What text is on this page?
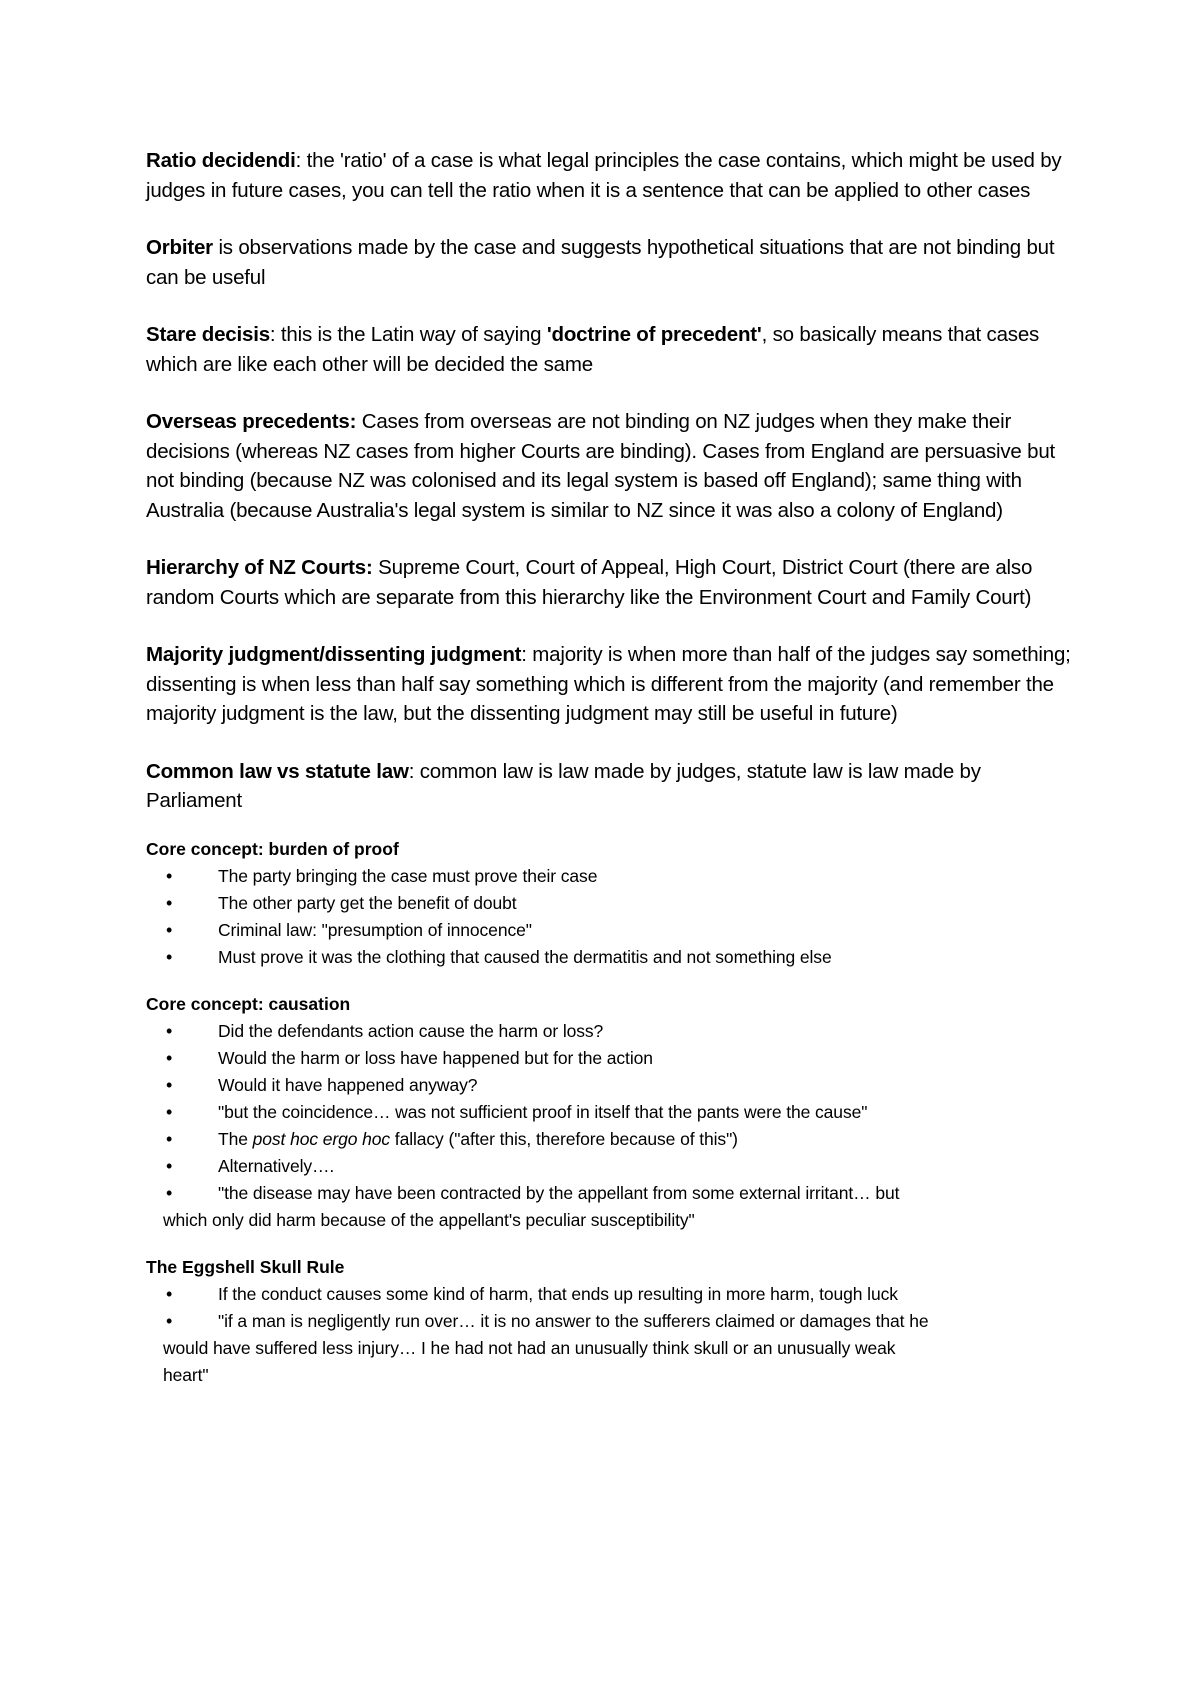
Ratio decidendi: the 'ratio' of a case is what legal principles the case contains, which might be used by judges in future cases, you can tell the ratio when it is a sentence that can be applied to other cases

Orbiter is observations made by the case and suggests hypothetical situations that are not binding but can be useful

Stare decisis: this is the Latin way of saying 'doctrine of precedent', so basically means that cases which are like each other will be decided the same

Overseas precedents: Cases from overseas are not binding on NZ judges when they make their decisions (whereas NZ cases from higher Courts are binding). Cases from England are persuasive but not binding (because NZ was colonised and its legal system is based off England); same thing with Australia (because Australia's legal system is similar to NZ since it was also a colony of England)

Hierarchy of NZ Courts: Supreme Court, Court of Appeal, High Court, District Court (there are also random Courts which are separate from this hierarchy like the Environment Court and Family Court)

Majority judgment/dissenting judgment: majority is when more than half of the judges say something; dissenting is when less than half say something which is different from the majority (and remember the majority judgment is the law, but the dissenting judgment may still be useful in future)

Common law vs statute law: common law is law made by judges, statute law is law made by Parliament

Core concept: burden of proof

•	The party bringing the case must prove their case
•	The other party get the benefit of doubt
•	Criminal law: "presumption of innocence"
•	Must prove it was the clothing that caused the dermatitis and not something else

Core concept: causation

•	Did the defendants action cause the harm or loss?
•	Would the harm or loss have happened but for the action
•	Would it have happened anyway?
•	"but the coincidence… was not sufficient proof in itself that the pants were the cause"
•	The post hoc ergo hoc fallacy ("after this, therefore because of this")
•	Alternatively….
•	"the disease may have been contracted by the appellant from some external irritant… but
which only did harm because of the appellant's peculiar susceptibility"

The Eggshell Skull Rule

•	If the conduct causes some kind of harm, that ends up resulting in more harm, tough luck
•	"if a man is negligently run over… it is no answer to the sufferers claimed or damages that he
would have suffered less injury… I he had not had an unusually think skull or an unusually weak
heart"
